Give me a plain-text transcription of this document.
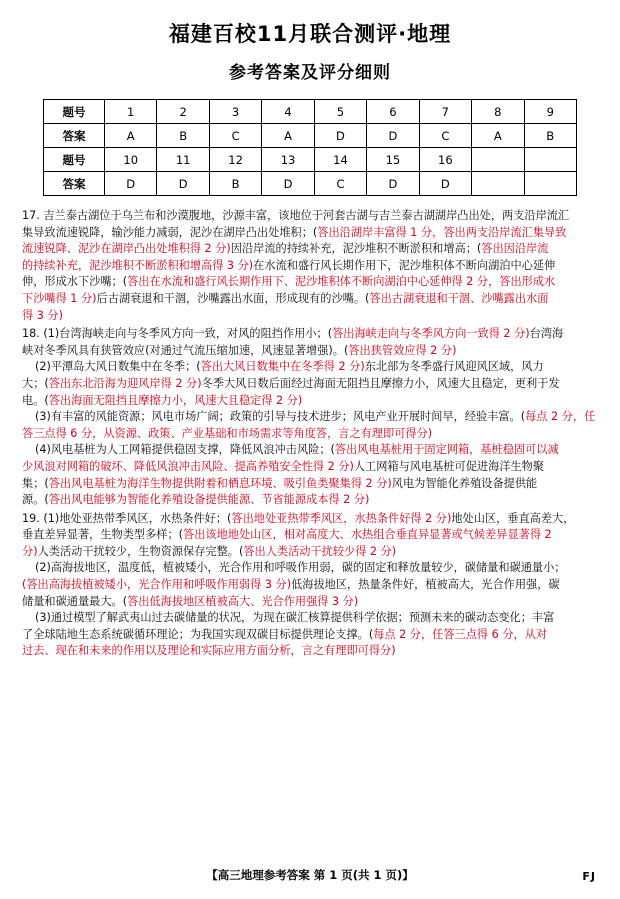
福建百校11月联合测评·地理
参考答案及评分细则
题号	1	2	3	4	5	6	7	8	9
答案	A	B	C	A	D	D	C	A	B
题号	10	11	12	13	14	15	16		
答案	D	D	B	D	C	D	D		
17. 吉兰泰古湖位于乌兰布和沙漠腹地，沙源丰富，该地位于河套古湖与吉兰泰古湖湖岸凸出处，两支沿岸流汇
集导致流速锐降，输沙能力减弱，泥沙在湖岸凸出处堆积；(答出沿湖岸丰富得 1 分，答出两支沿岸流汇集导致
流速锐降、泥沙在湖岸凸出处堆积得 2 分)因沿岸流的持续补充，泥沙堆积不断淤积和增高；(答出因沿岸流
的持续补充，泥沙堆积不断淤积和增高得 3 分)在水流和盛行风长期作用下，泥沙堆积体不断向湖泊中心延伸
伸，形成水下沙嘴；(答出在水流和盛行风长期作用下、泥沙堆积体不断向湖泊中心延伸得 2 分，答出形成水
下沙嘴得 1 分)后古湖衰退和干涸，沙嘴露出水面，形成现有的沙嘴。(答出古湖衰退和干涸、沙嘴露出水面
得 3 分)
18. (1)台湾海峡走向与冬季风方向一致，对风的阻挡作用小；(答出海峡走向与冬季风方向一致得 2 分)台湾海
峡对冬季风具有狭管效应(对通过气流压缩加速，风速显著增强)。(答出狭管效应得 2 分)
(2)平潭岛大风日数集中在冬季；(答出大风日数集中在冬季得 2 分)东北部为冬季盛行风迎风区域，风力
大；(答出东北沿海为迎风岸得 2 分)冬季大风日数后面经过海面无阻挡且摩擦力小，风速大且稳定，更利于发
电。(答出海面无阻挡且摩擦力小，风速大且稳定得 2 分)
(3)有丰富的风能资源；风电市场广阔；政策的引导与技术进步；风电产业开展时间早，经验丰富。(每点 2 分，任
答三点得 6 分，从资源、政策、产业基础和市场需求等角度答，言之有理即可得分)
(4)风电基桩为人工网箱提供稳固支撑，降低风浪冲击风险；(答出风电基桩用于固定网箱，基桩稳固可以减
少风浪对网箱的破坏、降低风浪冲击风险、提高养殖安全性得 2 分)人工网箱与风电基桩可促进海洋生物聚
集；(答出风电基桩为海洋生物提供附着和栖息环境、吸引鱼类聚集得 2 分)风电为智能化养殖设备提供能
源。(答出风电能够为智能化养殖设备提供能源、节省能源成本得 2 分)
19. (1)地处亚热带季风区，水热条件好；(答出地处亚热带季风区，水热条件好得 2 分)地处山区，垂直高差大，
垂直差异显著，生物类型多样；(答出该地地处山区，相对高度大、水热组合垂直异显著或气候差异显著得 2
分)人类活动干扰较少，生物资源保存完整。(答出人类活动干扰较少得 2 分)
(2)高海拔地区，温度低，植被矮小，光合作用和呼吸作用弱，碳的固定和释放量较少，碳储量和碳通量小；
(答出高海拔植被矮小，光合作用和呼吸作用弱得 3 分)低海拔地区，热量条件好，植被高大，光合作用强，碳
储量和碳通量最大。(答出低海拔地区植被高大、光合作用强得 3 分)
(3)通过模型了解武夷山过去碳储量的状况，为现在碳汇核算提供科学依据；预测未来的碳动态变化；丰富
了全球陆地生态系统碳循环理论；为我国实现双碳目标提供理论支撑。(每点 2 分，任答三点得 6 分，从对
过去、现在和未来的作用以及理论和实际应用方面分析，言之有理即可得分)
【高三地理参考答案 第 1 页(共 1 页)】	FJ
